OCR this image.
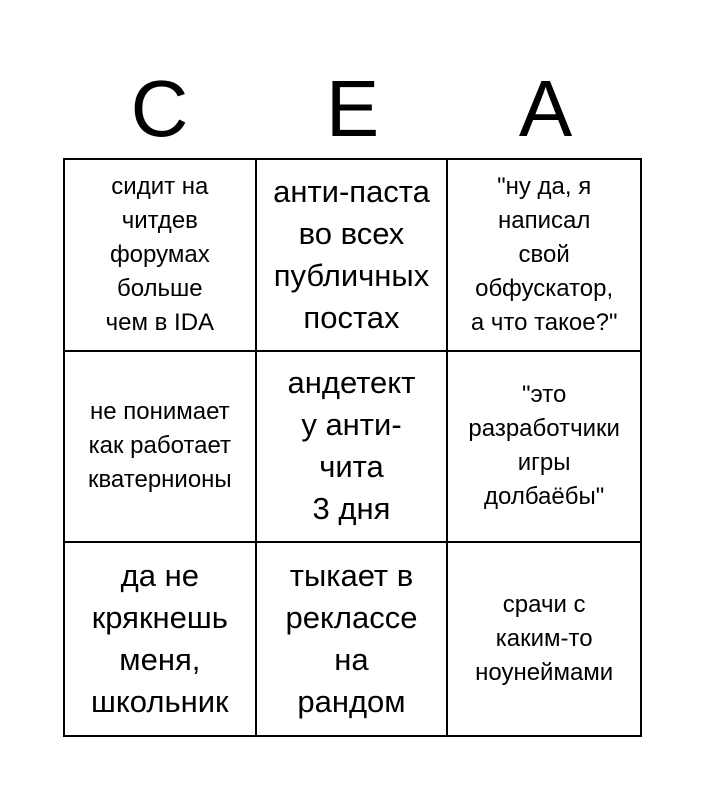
С	Е	А
сидит на
читдев
форумах
больше
чем в IDA
анти-паста
во всех
публичных
постах
"ну да, я
написал
свой
обфускатор,
а что такое?"
не понимает
как работает
кватернионы
андетект
у анти-
чита
3 дня
"это
разработчики
игры
долбаёбы"
да не
крякнешь
меня,
школьник
тыкает в
реклассе
на
рандом
срачи с
каким-то
ноунеймами
